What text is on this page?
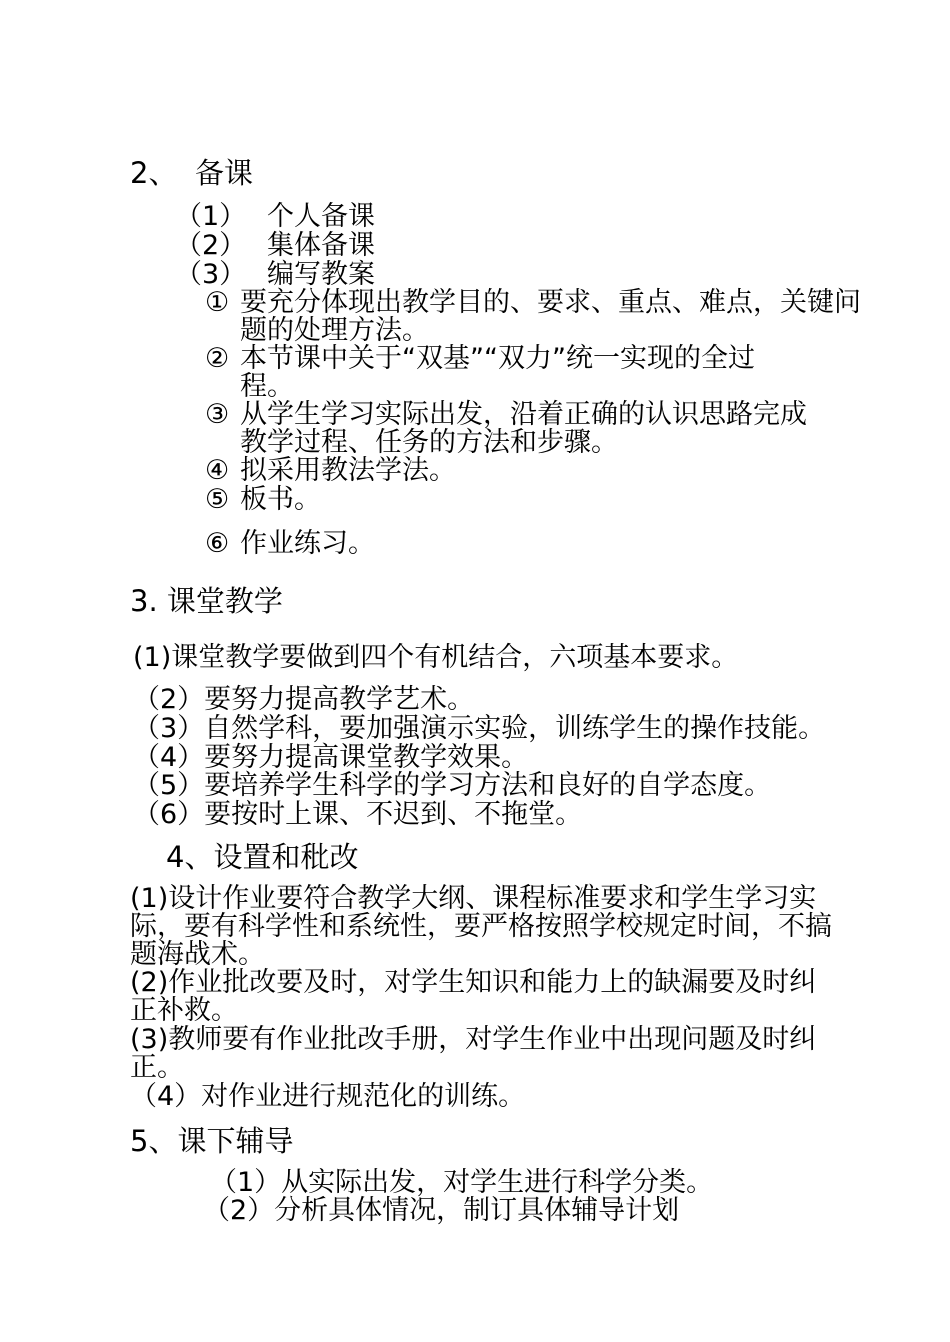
2、 备课
（1） 个人备课
（2） 集体备课
（3） 编写教案
① 要充分体现出教学目的、要求、重点、难点，关键问
题的处理方法。
② 本节课中关于“双基”“双力”统一实现的全过
程。
③ 从学生学习实际出发，沿着正确的认识思路完成
教学过程、任务的方法和步骤。
④ 拟采用教法学法。
⑤ 板书。
⑥ 作业练习。
3. 课堂教学
(1)课堂教学要做到四个有机结合，六项基本要求。
（2）要努力提高教学艺术。
（3）自然学科，要加强演示实验，训练学生的操作技能。
（4）要努力提高课堂教学效果。
（5）要培养学生科学的学习方法和良好的自学态度。
（6）要按时上课、不迟到、不拖堂。
4、设置和秕改
(1)设计作业要符合教学大纲、课程标准要求和学生学习实
际，要有科学性和系统性，要严格按照学校规定时间，不搞
题海战术。
(2)作业批改要及时，对学生知识和能力上的缺漏要及时纠
正补救。
(3)教师要有作业批改手册，对学生作业中出现问题及时纠
正。
（4）对作业进行规范化的训练。
5、课下辅导
（1）从实际出发，对学生进行科学分类。
（2）分析具体情况，制订具体辅导计划
